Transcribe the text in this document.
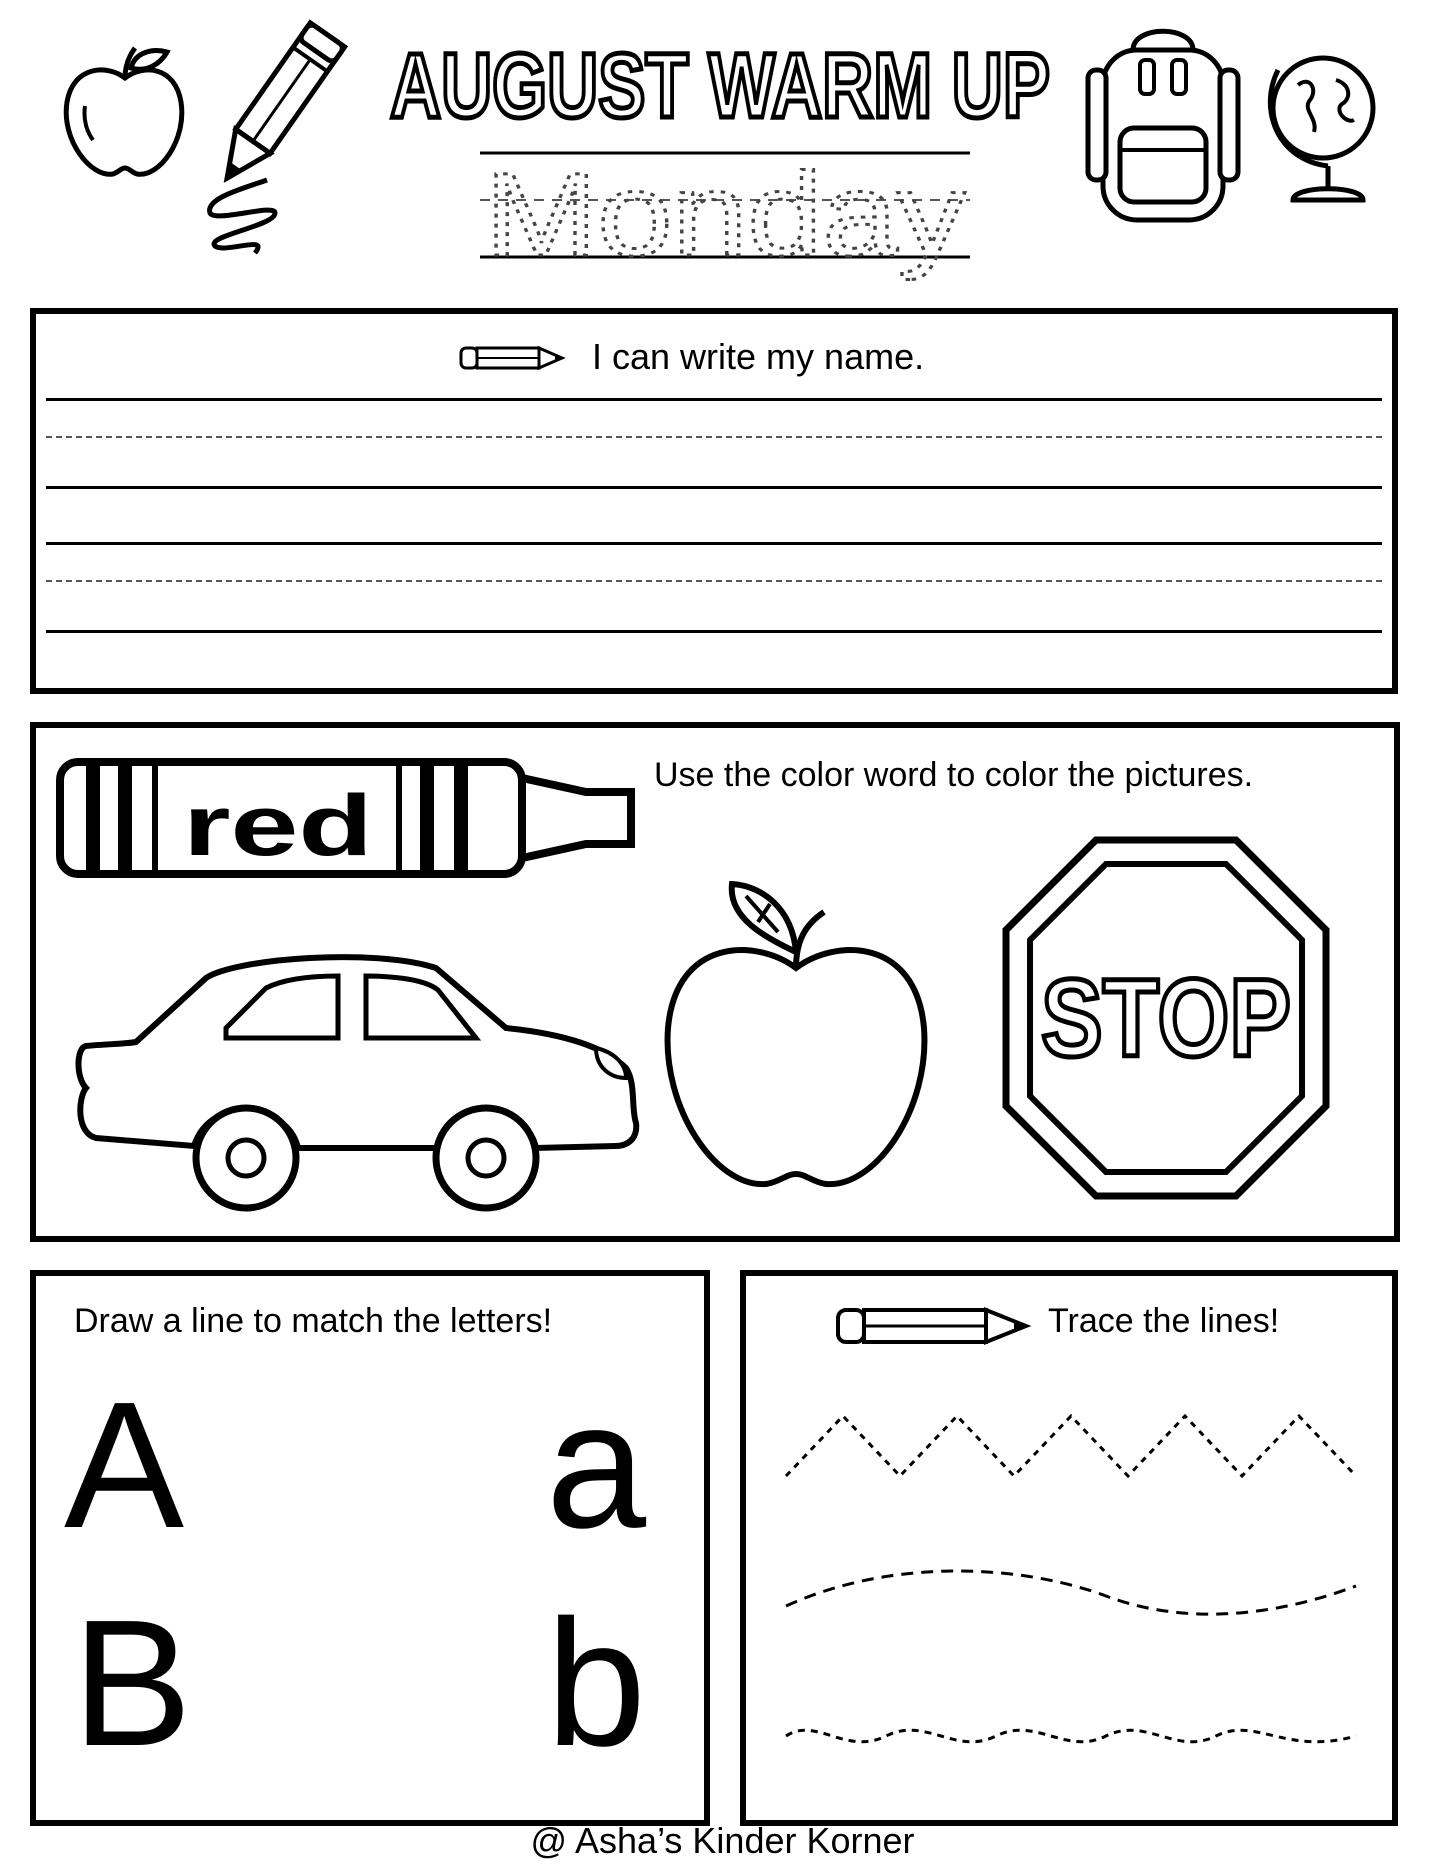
AUGUST WARM UP
Monday
I can write my name.
Use the color word to color the pictures.
red
STOP
Draw a line to match the letters!
A
B
a
b
Trace the lines!
@ Asha’s Kinder Korner
